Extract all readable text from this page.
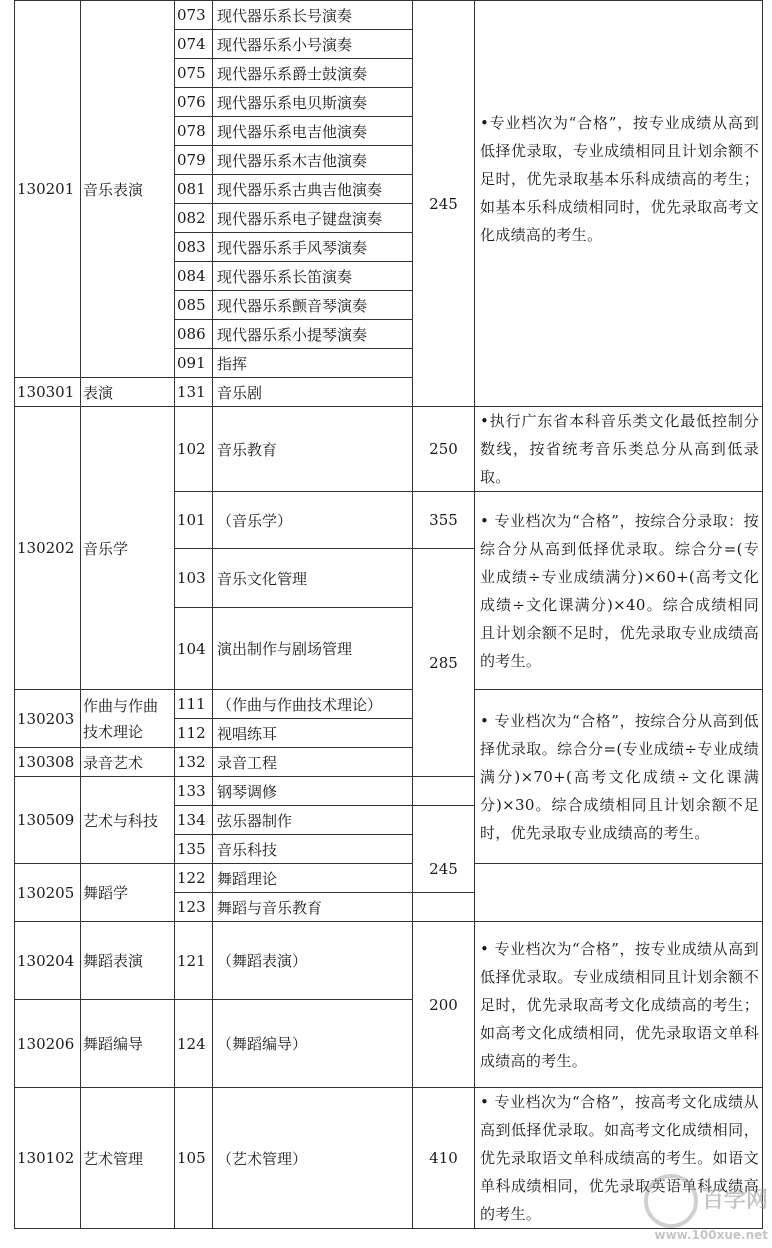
130201	音乐表演	073	现代器乐系长号演奏	245	•专业档次为“合格”，按专业成绩从高到低择优录取，专业成绩相同且计划余额不足时，优先录取基本乐科成绩高的考生；如基本乐科成绩相同时，优先录取高考文化成绩高的考生。
		074	现代器乐系小号演奏		
		075	现代器乐系爵士鼓演奏		
		076	现代器乐系电贝斯演奏		
		078	现代器乐系电吉他演奏		
		079	现代器乐系木吉他演奏		
		081	现代器乐系古典吉他演奏		
		082	现代器乐系电子键盘演奏		
		083	现代器乐系手风琴演奏		
		084	现代器乐系长笛演奏		
		085	现代器乐系颤音琴演奏		
		086	现代器乐系小提琴演奏		
		091	指挥		
130301	表演	131	音乐剧		
130202	音乐学	102	音乐教育	250	•执行广东省本科音乐类文化最低控制分数线，按省统考音乐类总分从高到低录取。
		101	（音乐学）	355	• 专业档次为“合格”，按综合分录取：按综合分从高到低择优录取。综合分=(专业成绩÷专业成绩满分)×60+(高考文化成绩÷文化课满分)×40。综合成绩相同且计划余额不足时，优先录取专业成绩高的考生。
		103	音乐文化管理	285	
		104	演出制作与剧场管理		
130203	作曲与作曲技术理论	111	（作曲与作曲技术理论）		• 专业档次为“合格”，按综合分从高到低择优录取。综合分=(专业成绩÷专业成绩满分)×70+(高考文化成绩÷文化课满分)×30。综合成绩相同且计划余额不足时，优先录取专业成绩高的考生。
		112	视唱练耳		
130308	录音艺术	132	录音工程		
130509	艺术与科技	133	钢琴调修		
		134	弦乐器制作	245	
		135	音乐科技		
130205	舞蹈学	122	舞蹈理论		
		123	舞蹈与音乐教育		
130204	舞蹈表演	121	（舞蹈表演）	200	• 专业档次为“合格”，按专业成绩从高到低择优录取。专业成绩相同且计划余额不足时，优先录取高考文化成绩高的考生；如高考文化成绩相同，优先录取语文单科成绩高的考生。
130206	舞蹈编导	124	（舞蹈编导）		
130102	艺术管理	105	（艺术管理）	410	• 专业档次为“合格”，按高考文化成绩从高到低择优录取。如高考文化成绩相同，优先录取语文单科成绩高的考生。如语文单科成绩相同，优先录取英语单科成绩高的考生。
百学网
www.100xue.net
